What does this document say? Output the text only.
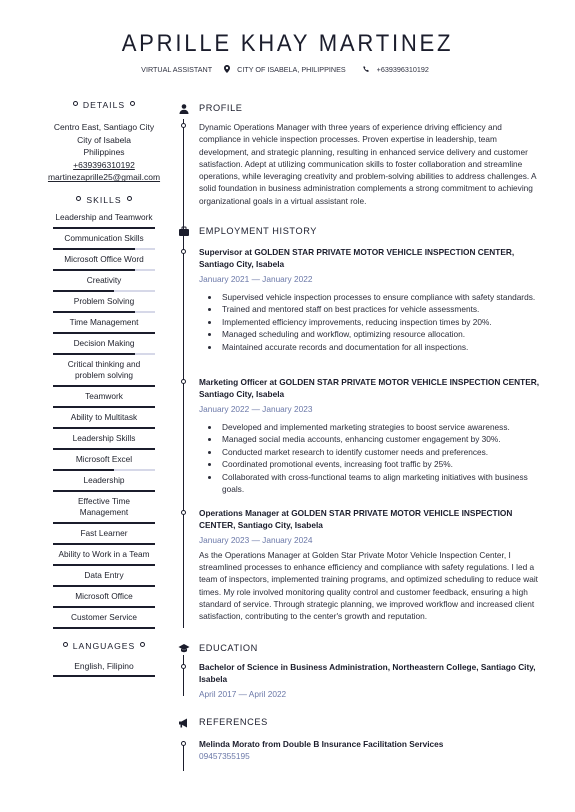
APRILLE KHAY MARTINEZ
VIRTUAL ASSISTANT	CITY OF ISABELA, PHILIPPINES	+639396310192
DETAILS
Centro East, Santiago City
City of Isabela
Philippines
+639396310192
martinezaprille25@gmail.com
SKILLS
Leadership and Teamwork
Communication Skills
Microsoft Office Word
Creativity
Problem Solving
Time Management
Decision Making
Critical thinking and problem solving
Teamwork
Ability to Multitask
Leadership Skills
Microsoft Excel
Leadership
Effective Time Management
Fast Learner
Ability to Work in a Team
Data Entry
Microsoft Office
Customer Service
LANGUAGES
English, Filipino
PROFILE
Dynamic Operations Manager with three years of experience driving efficiency and compliance in vehicle inspection processes. Proven expertise in leadership, team development, and strategic planning, resulting in enhanced service delivery and customer satisfaction. Adept at utilizing communication skills to foster collaboration and streamline operations, while leveraging creativity and problem-solving abilities to address challenges. A solid foundation in business administration complements a strong commitment to achieving organizational goals in a virtual assistant role.
EMPLOYMENT HISTORY
Supervisor at GOLDEN STAR PRIVATE MOTOR VEHICLE INSPECTION CENTER, Santiago City, Isabela
January 2021 — January 2022
• Supervised vehicle inspection processes to ensure compliance with safety standards.
• Trained and mentored staff on best practices for vehicle assessments.
• Implemented efficiency improvements, reducing inspection times by 20%.
• Managed scheduling and workflow, optimizing resource allocation.
• Maintained accurate records and documentation for all inspections.
Marketing Officer at GOLDEN STAR PRIVATE MOTOR VEHICLE INSPECTION CENTER, Santiago City, Isabela
January 2022 — January 2023
• Developed and implemented marketing strategies to boost service awareness.
• Managed social media accounts, enhancing customer engagement by 30%.
• Conducted market research to identify customer needs and preferences.
• Coordinated promotional events, increasing foot traffic by 25%.
• Collaborated with cross-functional teams to align marketing initiatives with business goals.
Operations Manager at GOLDEN STAR PRIVATE MOTOR VEHICLE INSPECTION CENTER, Santiago City, Isabela
January 2023 — January 2024
As the Operations Manager at Golden Star Private Motor Vehicle Inspection Center, I streamlined processes to enhance efficiency and compliance with safety regulations. I led a team of inspectors, implemented training programs, and optimized scheduling to reduce wait times. My role involved monitoring quality control and customer feedback, ensuring a high standard of service. Through strategic planning, we improved workflow and increased client satisfaction, contributing to the center's growth and reputation.
EDUCATION
Bachelor of Science in Business Administration, Northeastern College, Santiago City, Isabela
April 2017 — April 2022
REFERENCES
Melinda Morato from Double B Insurance Facilitation Services
09457355195
